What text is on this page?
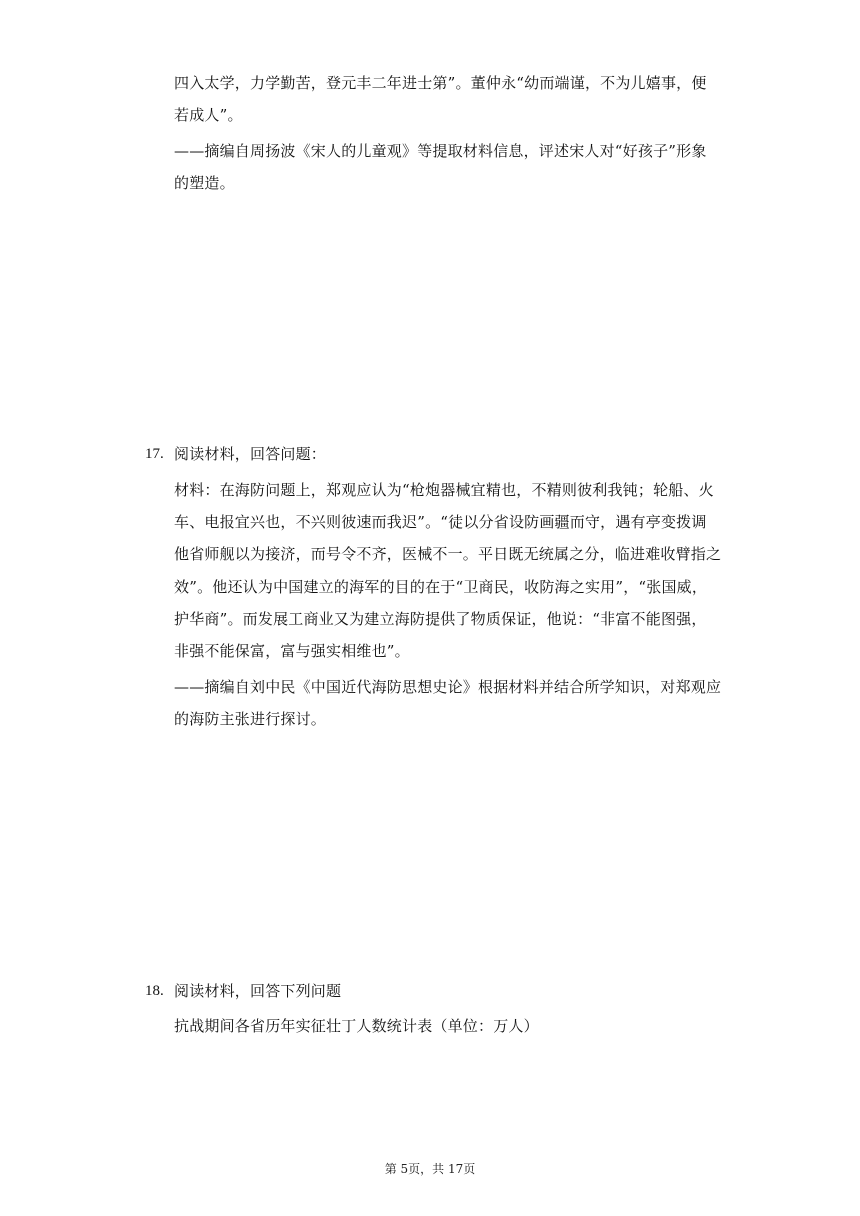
四入太学，力学勤苦，登元丰二年进士第”。董仲永“幼而端谨，不为儿嬉事，便
若成人”。
——摘编自周扬波《宋人的儿童观》等提取材料信息，评述宋人对“好孩子”形象
的塑造。
17. 阅读材料，回答问题：
材料：在海防问题上，郑观应认为“枪炮器械宜精也，不精则彼利我钝；轮船、火
车、电报宜兴也，不兴则彼速而我迟”。“徒以分省设防画疆而守，遇有亭变拨调
他省师舰以为接济，而号令不齐，医械不一。平日既无统属之分，临进难收臂指之
效”。他还认为中国建立的海军的目的在于“卫商民，收防海之实用”，“张国威，
护华商”。而发展工商业又为建立海防提供了物质保证，他说：“非富不能图强，
非强不能保富，富与强实相维也”。
——摘编自刘中民《中国近代海防思想史论》根据材料并结合所学知识，对郑观应
的海防主张进行探讨。
18. 阅读材料，回答下列问题
抗战期间各省历年实征壮丁人数统计表（单位：万人）
第 5页，共 17页
